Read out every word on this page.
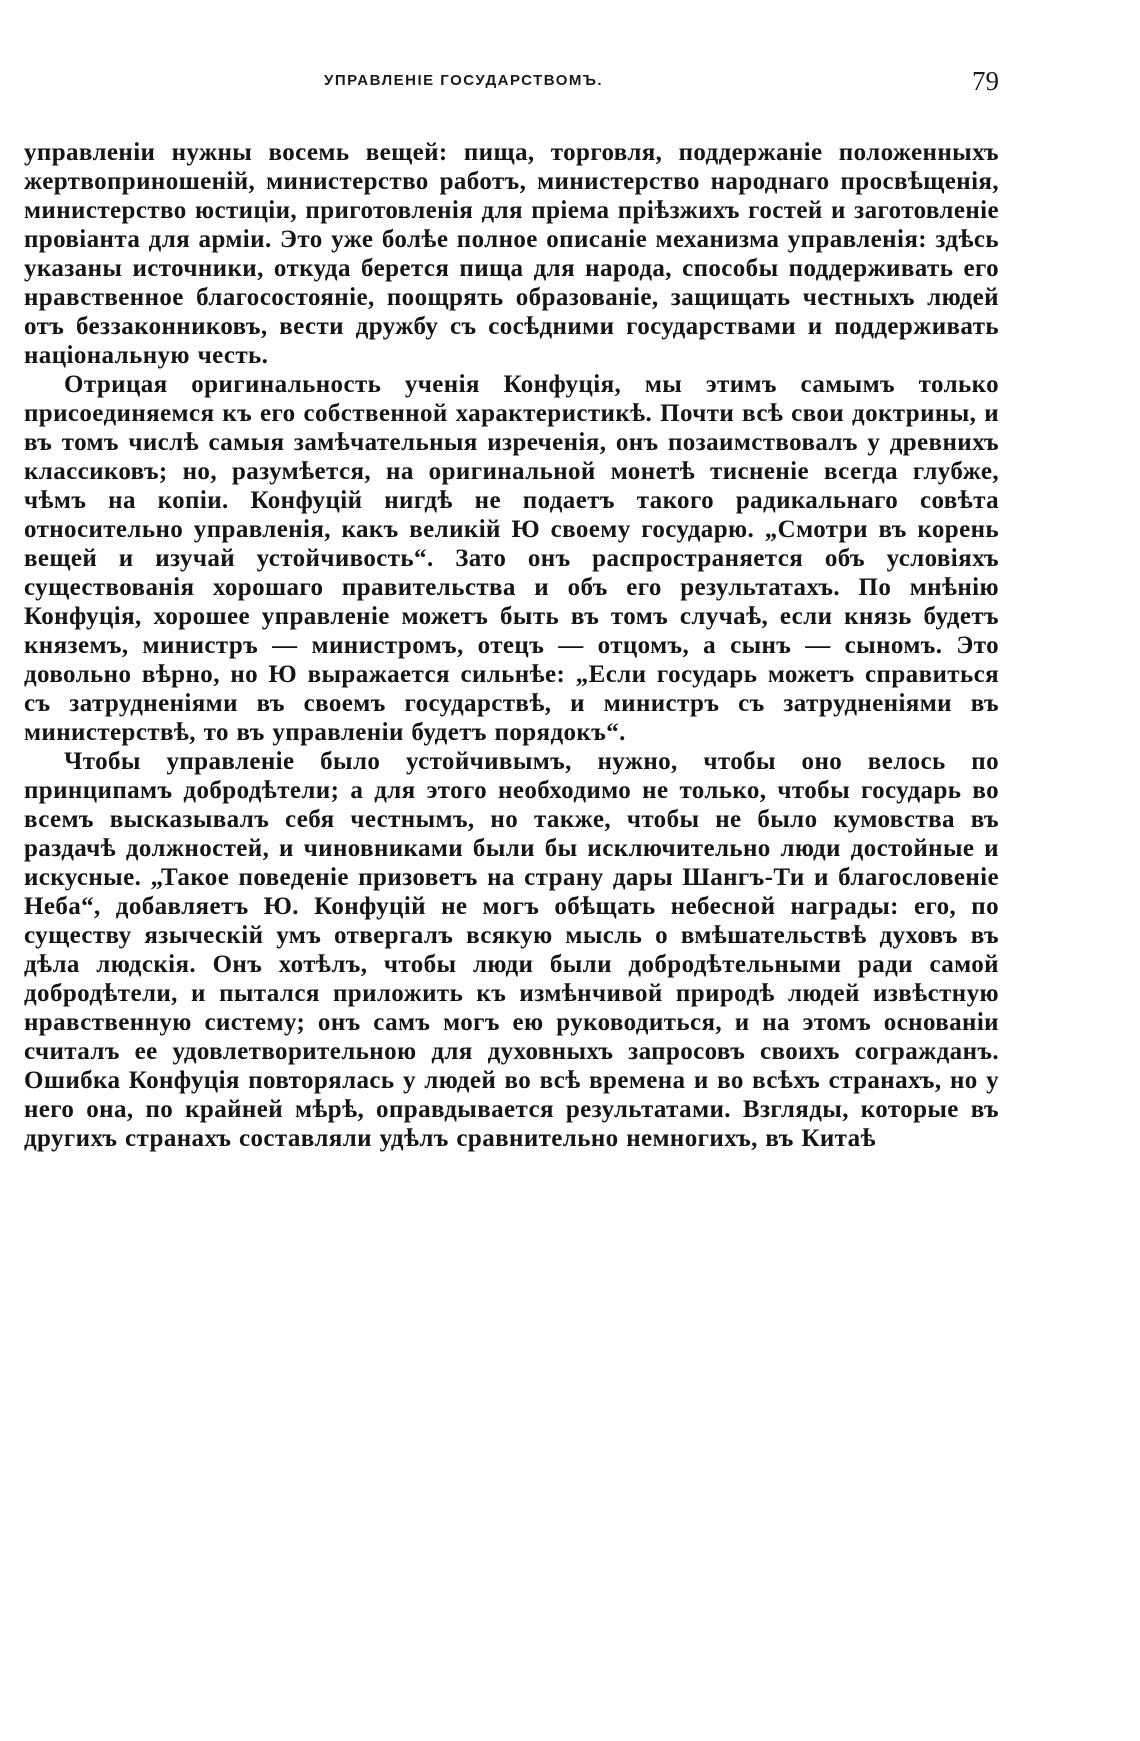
УПРАВЛЕНІЕ ГОСУДАРСТВОМЪ.	79

управленіи нужны восемь вещей: пища, торговля, поддержаніе положенныхъ жертвоприношеній, министерство работъ, министерство народнаго просвѣщенія, министерство юстиціи, приготовленія для пріема пріѣзжихъ гостей и заготовленіе провіанта для арміи. Это уже болѣе полное описаніе механизма управленія: здѣсь указаны источники, откуда берется пища для народа, способы поддерживать его нравственное благосостояніе, поощрять образованіе, защищать честныхъ людей отъ беззаконниковъ, вести дружбу съ сосѣдними государствами и поддерживать національную честь.

Отрицая оригинальность ученія Конфуція, мы этимъ самымъ только присоединяемся къ его собственной характеристикѣ. Почти всѣ свои доктрины, и въ томъ числѣ самыя замѣчательныя изреченія, онъ позаимствовалъ у древнихъ классиковъ; но, разумѣется, на оригинальной монетѣ тисненіе всегда глубже, чѣмъ на копіи. Конфуцій нигдѣ не подаетъ такого радикальнаго совѣта относительно управленія, какъ великій Ю своему государю. „Смотри въ корень вещей и изучай устойчивость“. Зато онъ распространяется объ условіяхъ существованія хорошаго правительства и объ его результатахъ. По мнѣнію Конфуція, хорошее управленіе можетъ быть въ томъ случаѣ, если князь будетъ княземъ, министръ — министромъ, отецъ — отцомъ, а сынъ — сыномъ. Это довольно вѣрно, но Ю выражается сильнѣе: „Если государь можетъ справиться съ затрудненіями въ своемъ государствѣ, и министръ съ затрудненіями въ министерствѣ, то въ управленіи будетъ порядокъ“.

Чтобы управленіе было устойчивымъ, нужно, чтобы оно велось по принципамъ добродѣтели; а для этого необходимо не только, чтобы государь во всемъ высказывалъ себя честнымъ, но также, чтобы не было кумовства въ раздачѣ должностей, и чиновниками были бы исключительно люди достойные и искусные. „Такое поведеніе призоветъ на страну дары Шангъ-Ти и благословеніе Неба“, добавляетъ Ю. Конфуцій не могъ обѣщать небесной награды: его, по существу языческій умъ отвергалъ всякую мысль о вмѣшательствѣ духовъ въ дѣла людскія. Онъ хотѣлъ, чтобы люди были добродѣтельными ради самой добродѣтели, и пытался приложить къ измѣнчивой природѣ людей извѣстную нравственную систему; онъ самъ могъ ею руководиться, и на этомъ основаніи считалъ ее удовлетворительною для духовныхъ запросовъ своихъ согражданъ. Ошибка Конфуція повторялась у людей во всѣ времена и во всѣхъ странахъ, но у него она, по крайней мѣрѣ, оправдывается результатами. Взгляды, которые въ другихъ странахъ составляли удѣлъ сравнительно немногихъ, въ Китаѣ
